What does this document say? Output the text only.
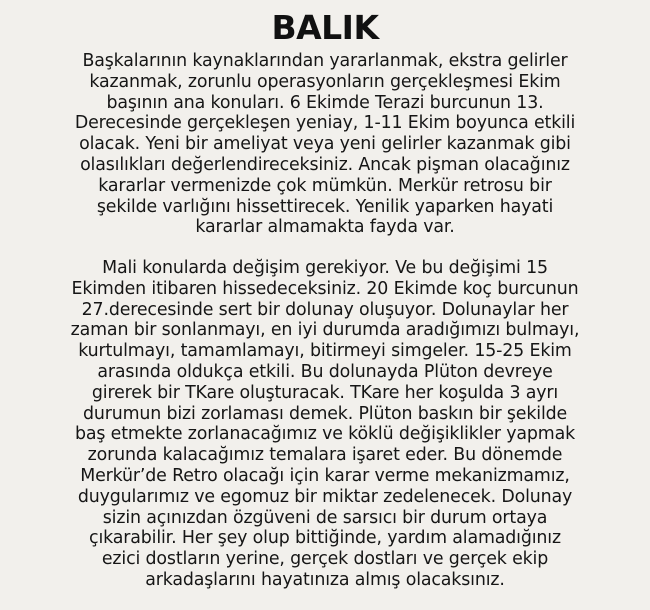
BALIK
Başkalarının kaynaklarından yararlanmak, ekstra gelirler
kazanmak, zorunlu operasyonların gerçekleşmesi Ekim
başının ana konuları. 6 Ekimde Terazi burcunun 13.
Derecesinde gerçekleşen yeniay, 1-11 Ekim boyunca etkili
olacak. Yeni bir ameliyat veya yeni gelirler kazanmak gibi
olasılıkları değerlendireceksiniz. Ancak pişman olacağınız
kararlar vermenizde çok mümkün. Merkür retrosu bir
şekilde varlığını hissettirecek. Yenilik yaparken hayati
kararlar almamakta fayda var.
Mali konularda değişim gerekiyor. Ve bu değişimi 15
Ekimden itibaren hissedeceksiniz. 20 Ekimde koç burcunun
27.derecesinde sert bir dolunay oluşuyor. Dolunaylar her
zaman bir sonlanmayı, en iyi durumda aradığımızı bulmayı,
kurtulmayı, tamamlamayı, bitirmeyi simgeler. 15-25 Ekim
arasında oldukça etkili. Bu dolunayda Plüton devreye
girerek bir TKare oluşturacak. TKare her koşulda 3 ayrı
durumun bizi zorlaması demek. Plüton baskın bir şekilde
baş etmekte zorlanacağımız ve köklü değişiklikler yapmak
zorunda kalacağımız temalara işaret eder. Bu dönemde
Merkür’de Retro olacağı için karar verme mekanizmamız,
duygularımız ve egomuz bir miktar zedelenecek. Dolunay
sizin açınızdan özgüveni de sarsıcı bir durum ortaya
çıkarabilir. Her şey olup bittiğinde, yardım alamadığınız
ezici dostların yerine, gerçek dostları ve gerçek ekip
arkadaşlarını hayatınıza almış olacaksınız.
